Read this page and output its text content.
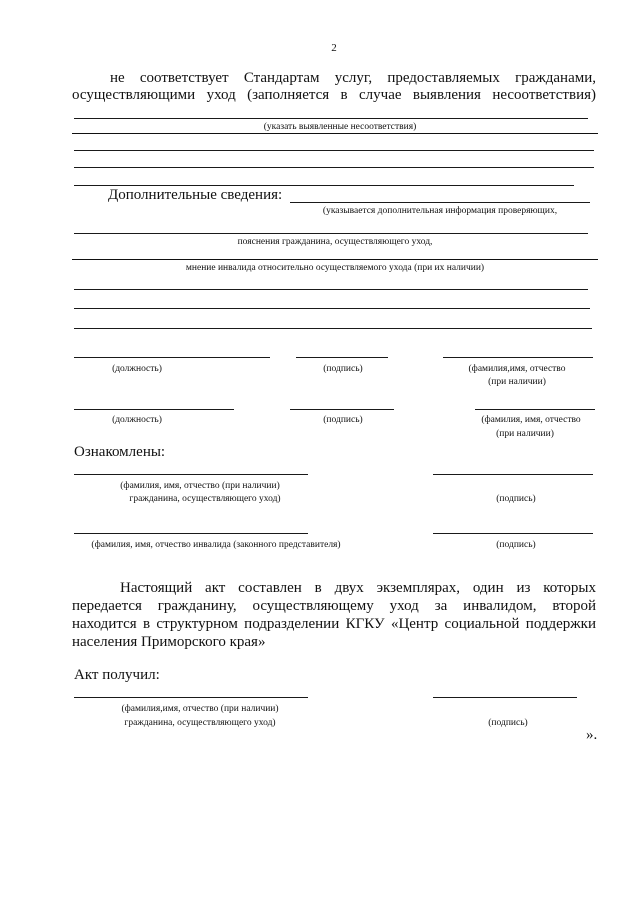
2
не соответствует Стандартам услуг, предоставляемых гражданами,
осуществляющими уход (заполняется в случае выявления несоответствия)
(указать выявленные несоответствия)
Дополнительные сведения:
(указывается дополнительная информация проверяющих,
пояснения гражданина, осуществляющего уход,
мнение инвалида относительно осуществляемого ухода (при их наличии)
(должность)	(подпись)	(фамилия,имя, отчество
(при наличии)
(должность)	(подпись)	(фамилия, имя, отчество
(при наличии)
Ознакомлены:
(фамилия, имя, отчество (при наличии)
гражданина, осуществляющего уход)	(подпись)
(фамилия, имя, отчество инвалида (законного представителя)	(подпись)
Настоящий акт составлен в двух экземплярах, один из которых
передается гражданину, осуществляющему уход за инвалидом, второй
находится в структурном подразделении КГКУ «Центр социальной поддержки
населения Приморского края»
Акт получил:
(фамилия,имя, отчество (при наличии)
гражданина, осуществляющего уход)	(подпись)
».
